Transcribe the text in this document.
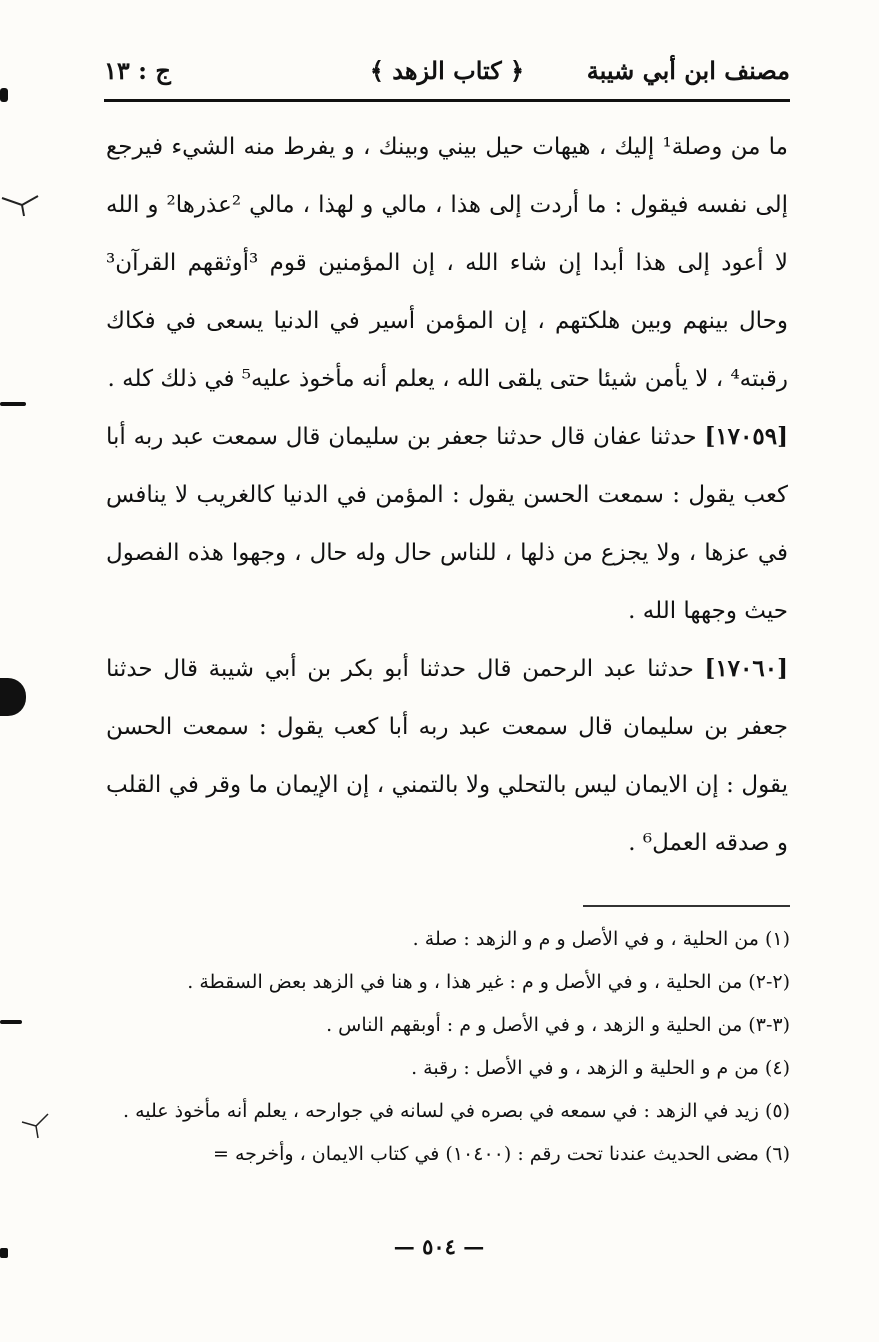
مصنف ابن أبي شيبة
﴿ كتاب الزهد ﴾
ج : ١٣

ما من وصلة¹ إليك ، هيهات حيل بيني وبينك ، و يفرط منه الشيء فيرجع إلى نفسه فيقول : ما أردت إلى هذا ، مالي و لهذا ، مالي ²عذرها² و الله لا أعود إلى هذا أبدا إن شاء الله ، إن المؤمنين قوم ³أوثقهم القرآن³ وحال بينهم وبين هلكتهم ، إن المؤمن أسير في الدنيا يسعى في فكاك رقبته⁴ ، لا يأمن شيئا حتى يلقى الله ، يعلم أنه مأخوذ عليه⁵ في ذلك كله .

[١٧٠٥٩] حدثنا عفان قال حدثنا جعفر بن سليمان قال سمعت عبد ربه أبا كعب يقول : سمعت الحسن يقول : المؤمن في الدنيا كالغريب لا ينافس في عزها ، ولا يجزع من ذلها ، للناس حال وله حال ، وجهوا هذه الفصول حيث وجهها الله .

[١٧٠٦٠] حدثنا عبد الرحمن قال حدثنا أبو بكر بن أبي شيبة قال حدثنا جعفر بن سليمان قال سمعت عبد ربه أبا كعب يقول : سمعت الحسن يقول : إن الايمان ليس بالتحلي ولا بالتمني ، إن الإيمان ما وقر في القلب و صدقه العمل⁶ .

(١) من الحلية ، و في الأصل و م و الزهد : صلة .

(٢-٢) من الحلية ، و في الأصل و م : غير هذا ، و هنا في الزهد بعض السقطة .

(٣-٣) من الحلية و الزهد ، و في الأصل و م : أوبقهم الناس .

(٤) من م و الحلية و الزهد ، و في الأصل : رقبة .

(٥) زيد في الزهد : في سمعه في بصره في لسانه في جوارحه ، يعلم أنه مأخوذ عليه .

(٦) مضى الحديث عندنا تحت رقم : (١٠٤٠٠) في كتاب الايمان ، وأخرجه =

— ٥٠٤ —
